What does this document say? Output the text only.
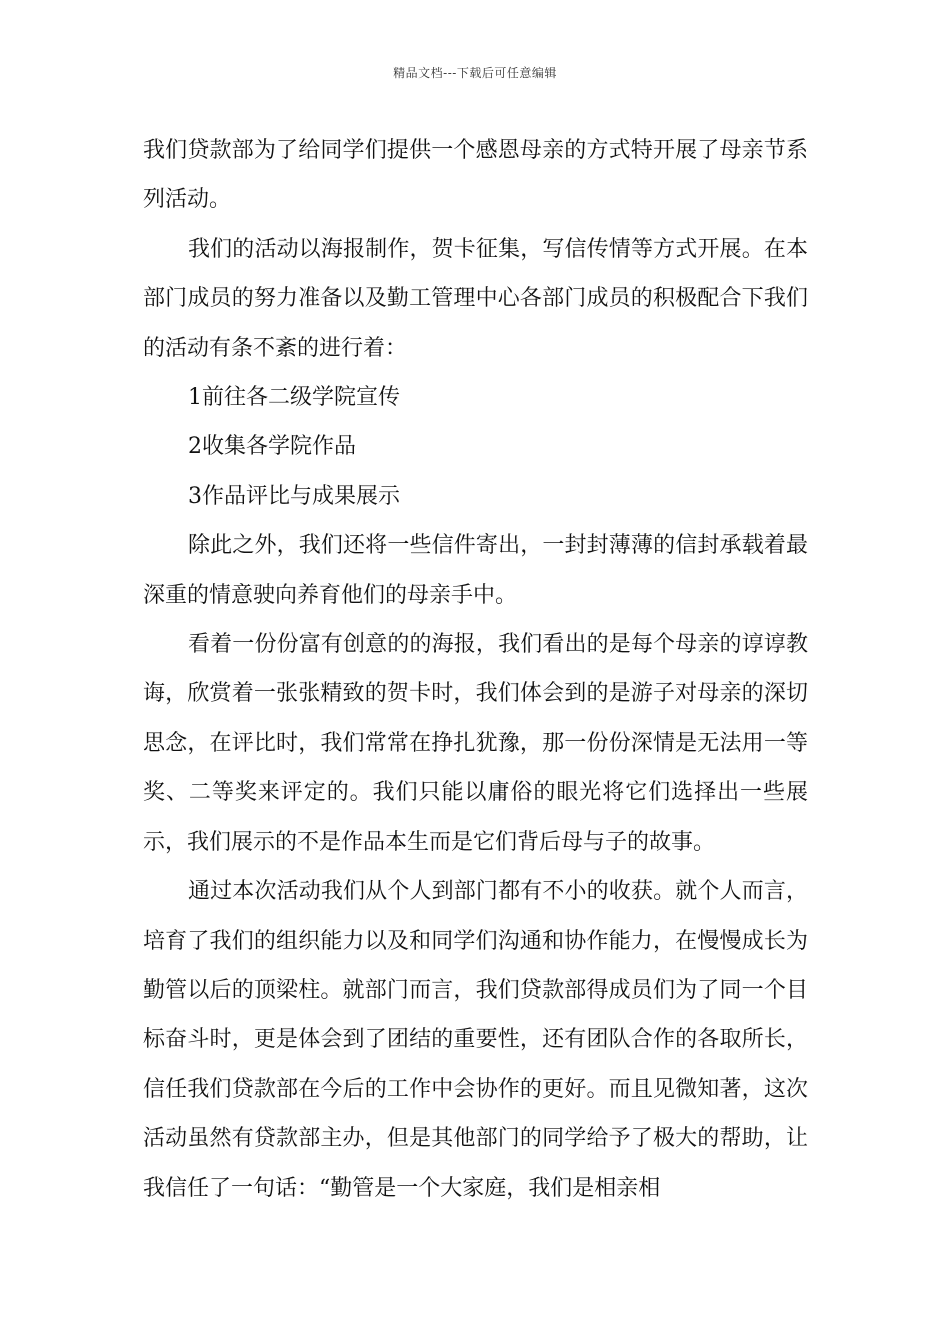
精品文档---下载后可任意编辑

我们贷款部为了给同学们提供一个感恩母亲的方式特开展了母亲节系列活动。

我们的活动以海报制作，贺卡征集，写信传情等方式开展。在本部门成员的努力准备以及勤工管理中心各部门成员的积极配合下我们的活动有条不紊的进行着：

1前往各二级学院宣传

2收集各学院作品

3作品评比与成果展示

除此之外，我们还将一些信件寄出，一封封薄薄的信封承载着最深重的情意驶向养育他们的母亲手中。

看着一份份富有创意的的海报，我们看出的是每个母亲的谆谆教诲，欣赏着一张张精致的贺卡时，我们体会到的是游子对母亲的深切思念，在评比时，我们常常在挣扎犹豫，那一份份深情是无法用一等奖、二等奖来评定的。我们只能以庸俗的眼光将它们选择出一些展示，我们展示的不是作品本生而是它们背后母与子的故事。

通过本次活动我们从个人到部门都有不小的收获。就个人而言，培育了我们的组织能力以及和同学们沟通和协作能力，在慢慢成长为勤管以后的顶梁柱。就部门而言，我们贷款部得成员们为了同一个目标奋斗时，更是体会到了团结的重要性，还有团队合作的各取所长，信任我们贷款部在今后的工作中会协作的更好。而且见微知著，这次活动虽然有贷款部主办，但是其他部门的同学给予了极大的帮助，让我信任了一句话：“勤管是一个大家庭，我们是相亲相
